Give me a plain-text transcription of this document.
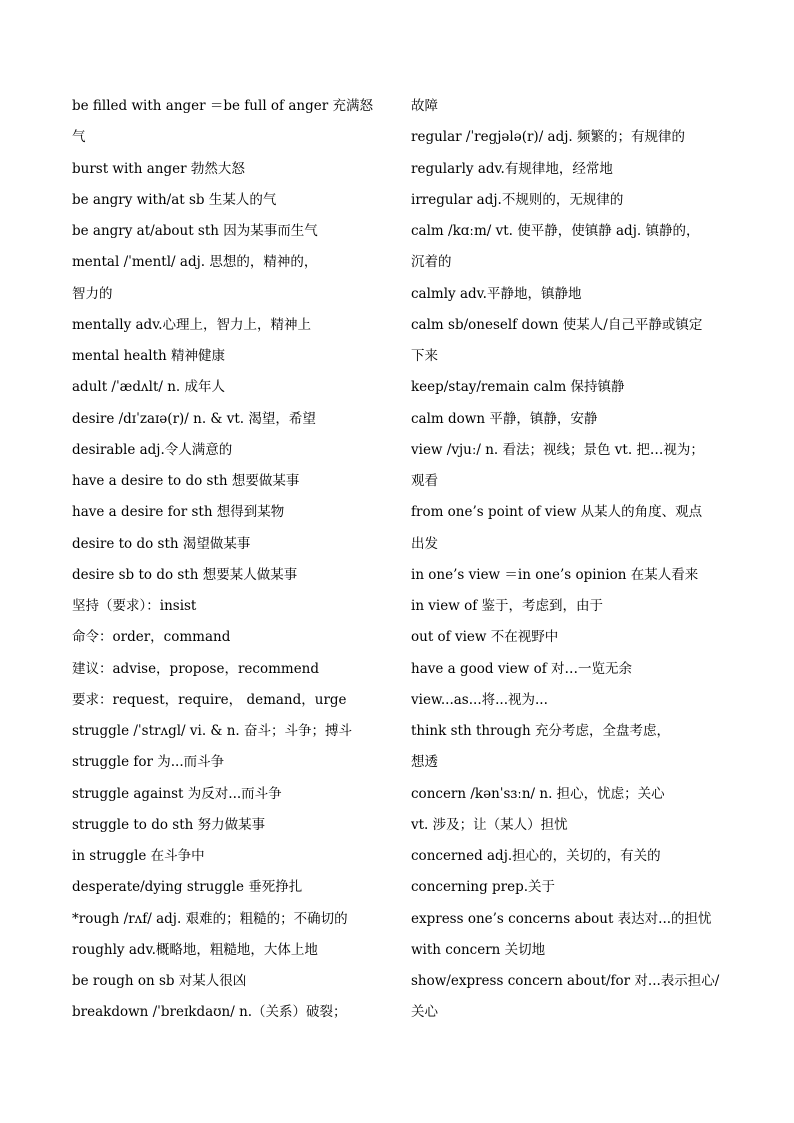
be filled with anger ＝be full of anger 充满怒
气
burst with anger 勃然大怒
be angry with/at sb 生某人的气
be angry at/about sth 因为某事而生气
mental /ˈmentl/ adj. 思想的，精神的，
智力的
mentally adv.心理上，智力上，精神上
mental health 精神健康
adult /ˈædʌlt/ n. 成年人
desire /dɪˈzaɪə(r)/ n. & vt. 渴望，希望
desirable adj.令人满意的
have a desire to do sth 想要做某事
have a desire for sth 想得到某物
desire to do sth 渴望做某事
desire sb to do sth 想要某人做某事
坚持（要求）：insist
命令：order，command
建议：advise，propose，recommend
要求：request，require， demand，urge
struggle /ˈstrʌgl/ vi. & n. 奋斗；斗争；搏斗
struggle for 为...而斗争
struggle against 为反对...而斗争
struggle to do sth 努力做某事
in struggle 在斗争中
desperate/dying struggle 垂死挣扎
*rough /rʌf/ adj. 艰难的；粗糙的；不确切的
roughly adv.概略地，粗糙地，大体上地
be rough on sb 对某人很凶
breakdown /ˈbreɪkdaʊn/ n.（关系）破裂；
故障
regular /ˈregjələ(r)/ adj. 频繁的；有规律的
regularly adv.有规律地，经常地
irregular adj.不规则的，无规律的
calm /kɑːm/ vt. 使平静，使镇静 adj. 镇静的，
沉着的
calmly adv.平静地，镇静地
calm sb/oneself down 使某人/自己平静或镇定
下来
keep/stay/remain calm 保持镇静
calm down 平静，镇静，安静
view /vjuː/ n. 看法；视线；景色 vt. 把…视为；
观看
from one’s point of view 从某人的角度、观点
出发
in one’s view ＝in one’s opinion 在某人看来
in view of 鉴于，考虑到，由于
out of view 不在视野中
have a good view of 对…一览无余
view...as...将...视为...
think sth through 充分考虑，全盘考虑，
想透
concern /kənˈsɜːn/ n. 担心，忧虑；关心
vt. 涉及；让（某人）担忧
concerned adj.担心的，关切的，有关的
concerning prep.关于
express one’s concerns about 表达对...的担忧
with concern 关切地
show/express concern about/for 对...表示担心/
关心
